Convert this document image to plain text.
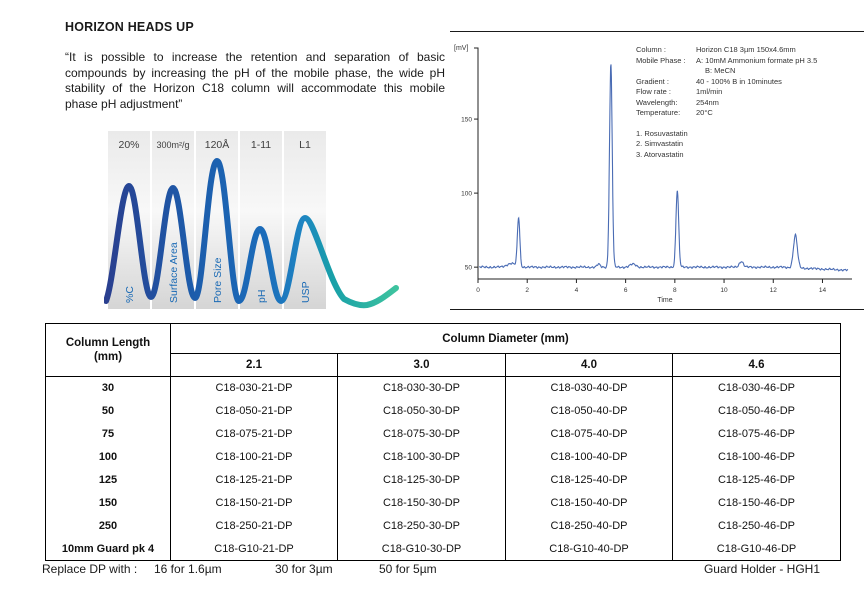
HORIZON HEADS UP
“It is possible to increase the retention and separation of basic compounds by increasing the pH of the mobile phase, the wide pH stability of the Horizon C18 column will accommodate this mobile phase pH adjustment”
20% 300m²/g 120Å 1-11	L1
%C	Surface Area	Pore Size	pH	USP
[mV]
50
100
150
0	2	4	6	8	10	12	14
Time
Column :	Horizon C18 3µm 150x4.6mm
Mobile Phase :	A: 10mM Ammonium formate pH 3.5
B: MeCN
Gradient :	40 - 100% B in 10minutes
Flow rate :	1ml/min
Wavelength:	254nm
Temperature:	20°C
1. Rosuvastatin
2. Simvastatin
3. Atorvastatin
Column Length
(mm)	Column Diameter (mm)			
	2.1	3.0	4.0	4.6
30	C18-030-21-DP	C18-030-30-DP	C18-030-40-DP	C18-030-46-DP
50	C18-050-21-DP	C18-050-30-DP	C18-050-40-DP	C18-050-46-DP
75	C18-075-21-DP	C18-075-30-DP	C18-075-40-DP	C18-075-46-DP
100	C18-100-21-DP	C18-100-30-DP	C18-100-40-DP	C18-100-46-DP
125	C18-125-21-DP	C18-125-30-DP	C18-125-40-DP	C18-125-46-DP
150	C18-150-21-DP	C18-150-30-DP	C18-150-40-DP	C18-150-46-DP
250	C18-250-21-DP	C18-250-30-DP	C18-250-40-DP	C18-250-46-DP
10mm Guard pk 4	C18-G10-21-DP	C18-G10-30-DP	C18-G10-40-DP	C18-G10-46-DP
Replace DP with : 16 for 1.6µm	30 for 3µm	50 for 5µm	Guard Holder - HGH1
